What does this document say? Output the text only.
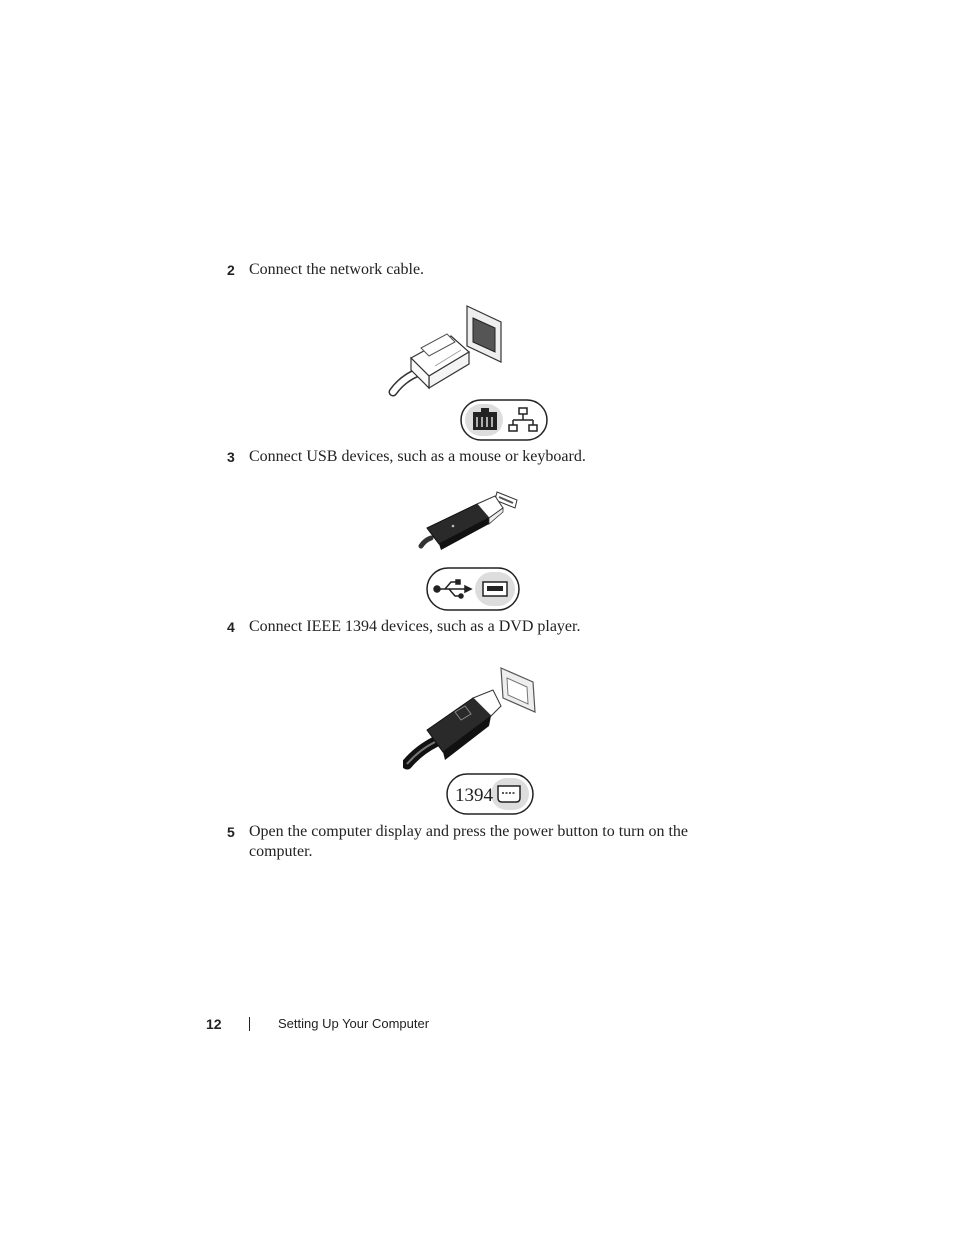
2 Connect the network cable.
3 Connect USB devices, such as a mouse or keyboard.
4 Connect IEEE 1394 devices, such as a DVD player.
1394
5 Open the computer display and press the power button to turn on the computer.
12	Setting Up Your Computer
